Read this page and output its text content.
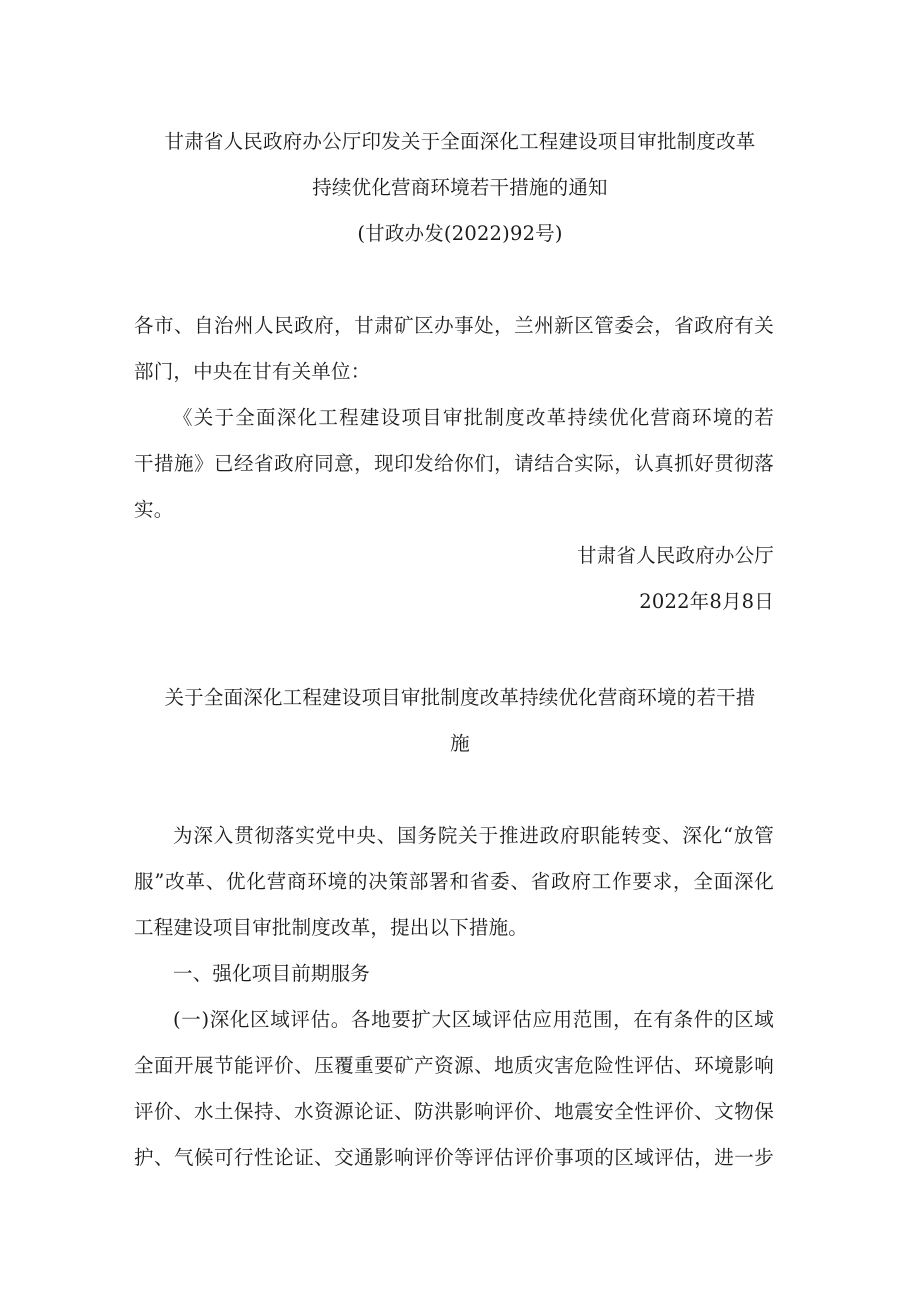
甘肃省人民政府办公厅印发关于全面深化工程建设项目审批制度改革
持续优化营商环境若干措施的通知
(甘政办发(2022)92号)
各市、自治州人民政府，甘肃矿区办事处，兰州新区管委会，省政府有关
部门，中央在甘有关单位：
《关于全面深化工程建设项目审批制度改革持续优化营商环境的若
干措施》已经省政府同意，现印发给你们，请结合实际，认真抓好贯彻落
实。
甘肃省人民政府办公厅
2022年8月8日
关于全面深化工程建设项目审批制度改革持续优化营商环境的若干措
施
为深入贯彻落实党中央、国务院关于推进政府职能转变、深化“放管
服”改革、优化营商环境的决策部署和省委、省政府工作要求，全面深化
工程建设项目审批制度改革，提出以下措施。
一、强化项目前期服务
(一)深化区域评估。各地要扩大区域评估应用范围，在有条件的区域
全面开展节能评价、压覆重要矿产资源、地质灾害危险性评估、环境影响
评价、水土保持、水资源论证、防洪影响评价、地震安全性评价、文物保
护、气候可行性论证、交通影响评价等评估评价事项的区域评估，进一步
